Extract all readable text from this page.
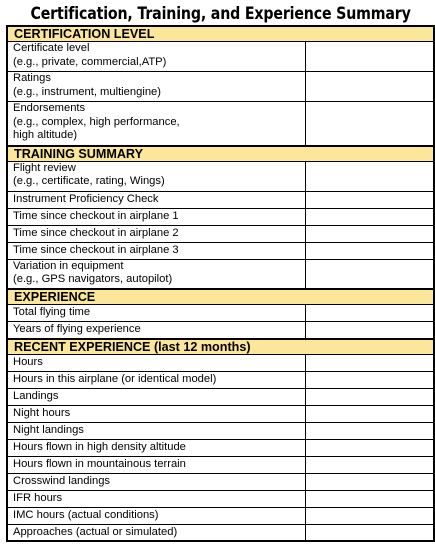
Certification, Training, and Experience Summary
CERTIFICATION LEVEL	

Certificate level
(e.g., private, commercial,ATP)	

Ratings
(e.g., instrument, multiengine)	

Endorsements
(e.g., complex, high performance,
high altitude)	

TRAINING SUMMARY	

Flight review
(e.g., certificate, rating, Wings)	

Instrument Proficiency Check	

Time since checkout in airplane 1	

Time since checkout in airplane 2	

Time since checkout in airplane 3	

Variation in equipment
(e.g., GPS navigators, autopilot)	

EXPERIENCE	

Total flying time	

Years of flying experience	

RECENT EXPERIENCE (last 12 months)	

Hours	

Hours in this airplane (or identical model)	

Landings	

Night hours	

Night landings	

Hours flown in high density altitude	

Hours flown in mountainous terrain	

Crosswind landings	

IFR hours	

IMC hours (actual conditions)	

Approaches (actual or simulated)	
